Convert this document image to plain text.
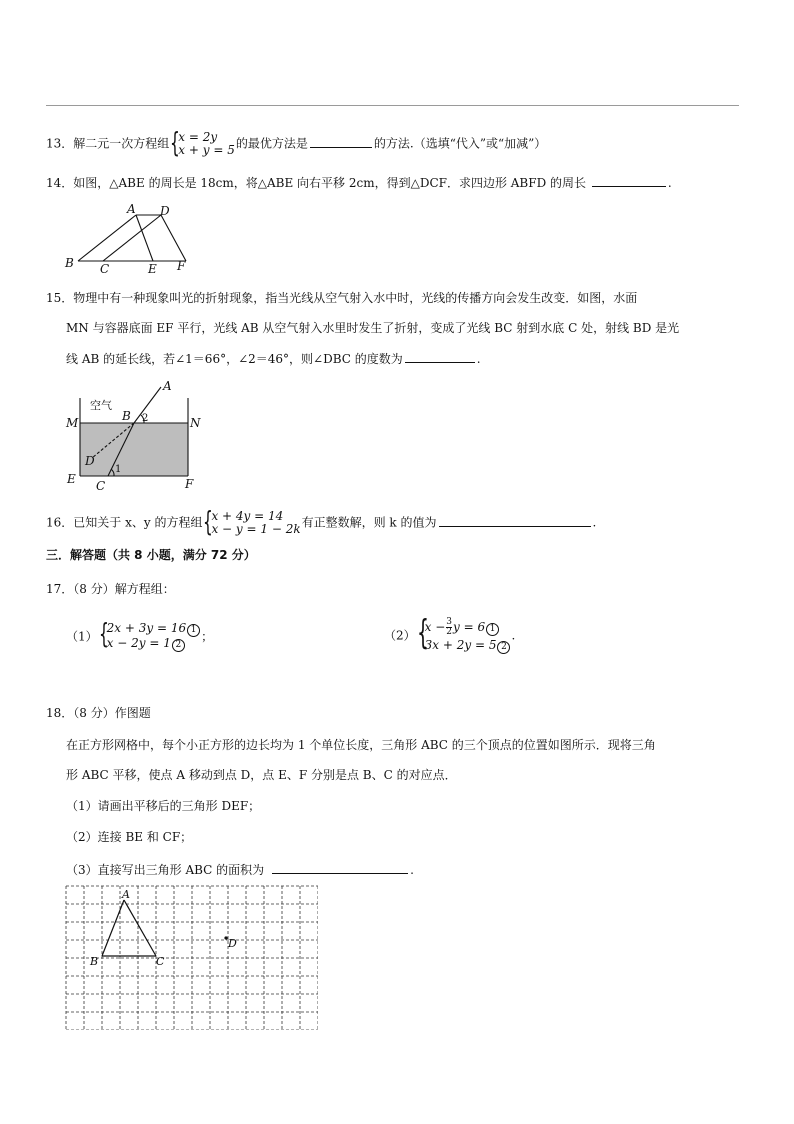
13．解二元一次方程组 {
x = 2y
x + y = 5 的最优方法是	的方法.（选填“代入”或“加减”）
14．如图，△ABE 的周长是 18cm，将△ABE 向右平移 2cm，得到△DCF．求四边形 ABFD 的周长	.
A D
B C	E F
15．物理中有一种现象叫光的折射现象，指当光线从空气射入水中时，光线的传播方向会发生改变．如图，水面
MN 与容器底面 EF 平行，光线 AB 从空气射入水里时发生了折射，变成了光线 BC 射到水底 C 处，射线 BD 是光
线 AB 的延长线，若∠1＝66°，∠2＝46°，则∠DBC 的度数为	.
空气
A
B
M	N
D
E C	F
2
1
16．已知关于 x、y 的方程组 {
x + 4y = 14
x − y = 1 − 2k 有正整数解，则 k 的值为	.
三．解答题（共 8 小题，满分 72 分）
17．（8 分）解方程组：
（1） {
2x + 3y = 16 1
x − 2y = 1 2
；	（2） {
$x - \frac{3}{2}$ y = 6 1
3x + 2y = 5 2
.
18．（8 分）作图题
在正方形网格中，每个小正方形的边长均为 1 个单位长度，三角形 ABC 的三个顶点的位置如图所示．现将三角
形 ABC 平移，使点 A 移动到点 D，点 E、F 分别是点 B、C 的对应点．
（1）请画出平移后的三角形 DEF；
（2）连接 BE 和 CF；
（3）直接写出三角形 ABC 的面积为	.
A
B	C
D
